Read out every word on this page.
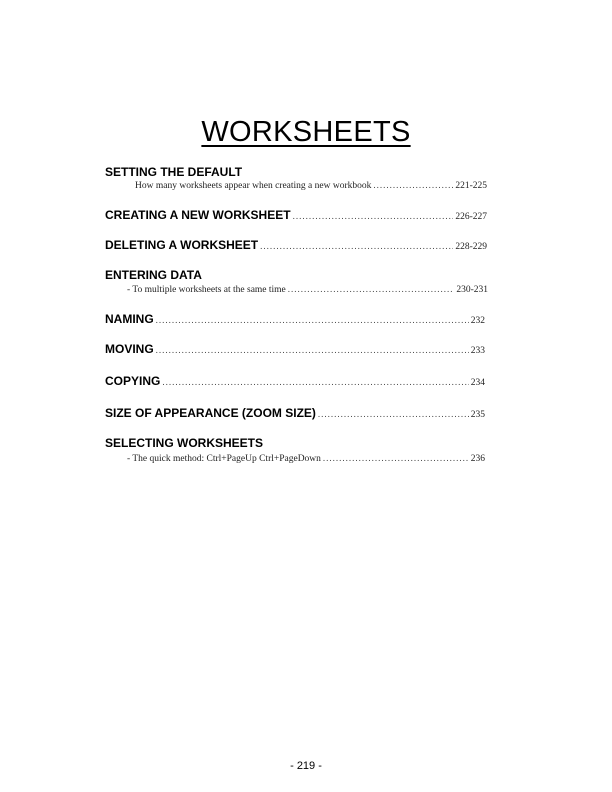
WORKSHEETS
SETTING THE DEFAULT
How many worksheets appear when creating a new workbook .....	221-225
CREATING A NEW WORKSHEET .....	226-227
DELETING A WORKSHEET .....	228-229
ENTERING DATA
- To multiple worksheets at the same time .....	230-231
NAMING .....	232
MOVING .....	233
COPYING .....	234
SIZE OF APPEARANCE (ZOOM SIZE) .....	235
SELECTING WORKSHEETS
- The quick method: Ctrl+PageUp Ctrl+PageDown .....	236
- 219 -
